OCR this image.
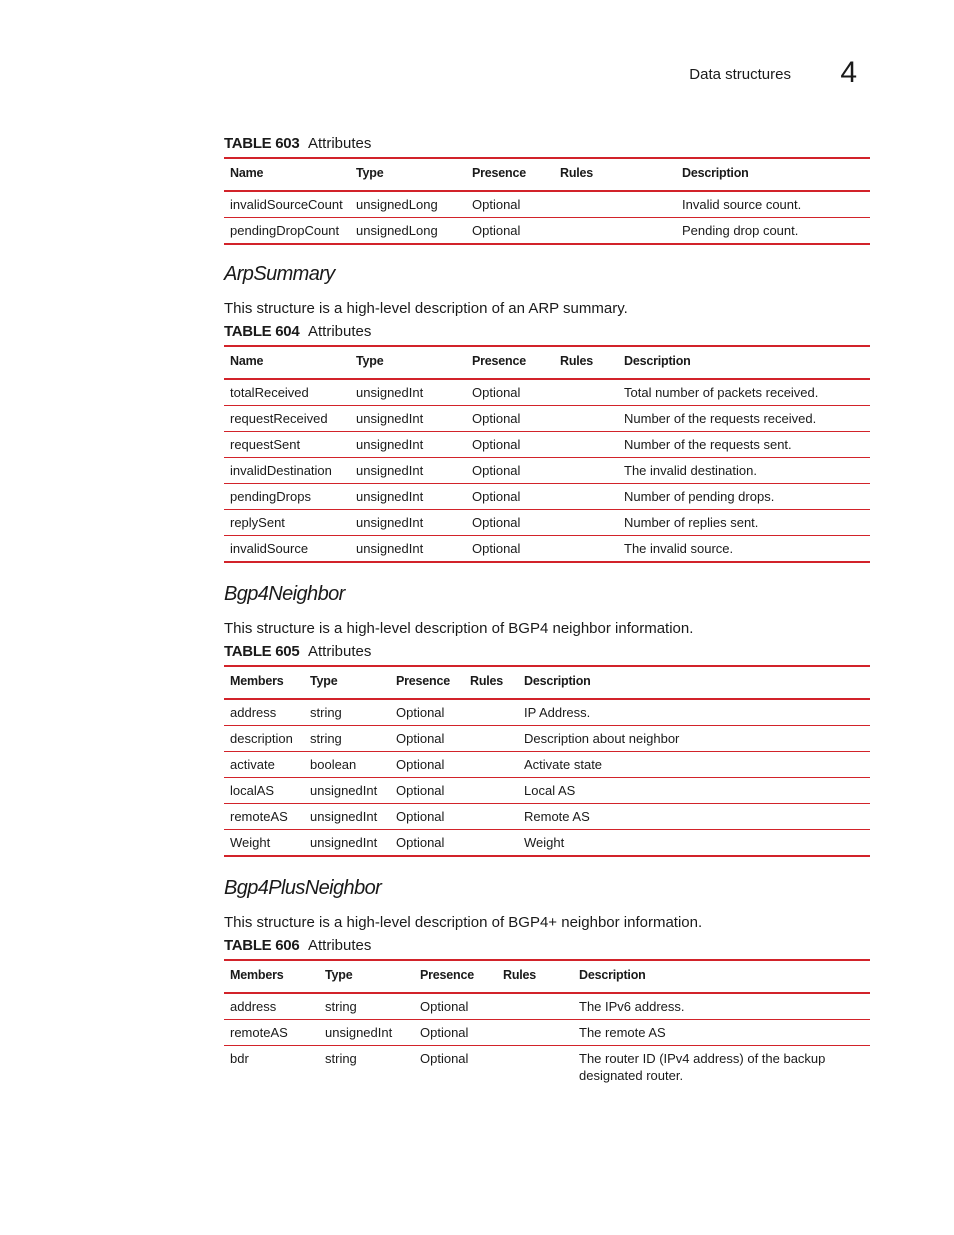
Data structures 4
TABLE 603 Attributes
Name	Type	Presence	Rules	Description
invalidSourceCount	unsignedLong	Optional		Invalid source count.
pendingDropCount	unsignedLong	Optional		Pending drop count.
ArpSummary

This structure is a high-level description of an ARP summary.

TABLE 604 Attributes
Name	Type	Presence	Rules	Description
totalReceived	unsignedInt	Optional		Total number of packets received.
requestReceived	unsignedInt	Optional		Number of the requests received.
requestSent	unsignedInt	Optional		Number of the requests sent.
invalidDestination	unsignedInt	Optional		The invalid destination.
pendingDrops	unsignedInt	Optional		Number of pending drops.
replySent	unsignedInt	Optional		Number of replies sent.
invalidSource	unsignedInt	Optional		The invalid source.
Bgp4Neighbor

This structure is a high-level description of BGP4 neighbor information.

TABLE 605 Attributes
Members	Type	Presence	Rules	Description
address	string	Optional		IP Address.
description	string	Optional		Description about neighbor
activate	boolean	Optional		Activate state
localAS	unsignedInt	Optional		Local AS
remoteAS	unsignedInt	Optional		Remote AS
Weight	unsignedInt	Optional		Weight
Bgp4PlusNeighbor

This structure is a high-level description of BGP4+ neighbor information.

TABLE 606 Attributes
Members	Type	Presence	Rules	Description
address	string	Optional		The IPv6 address.
remoteAS	unsignedInt	Optional		The remote AS
bdr	string	Optional		The router ID (IPv4 address) of the backup designated router.
